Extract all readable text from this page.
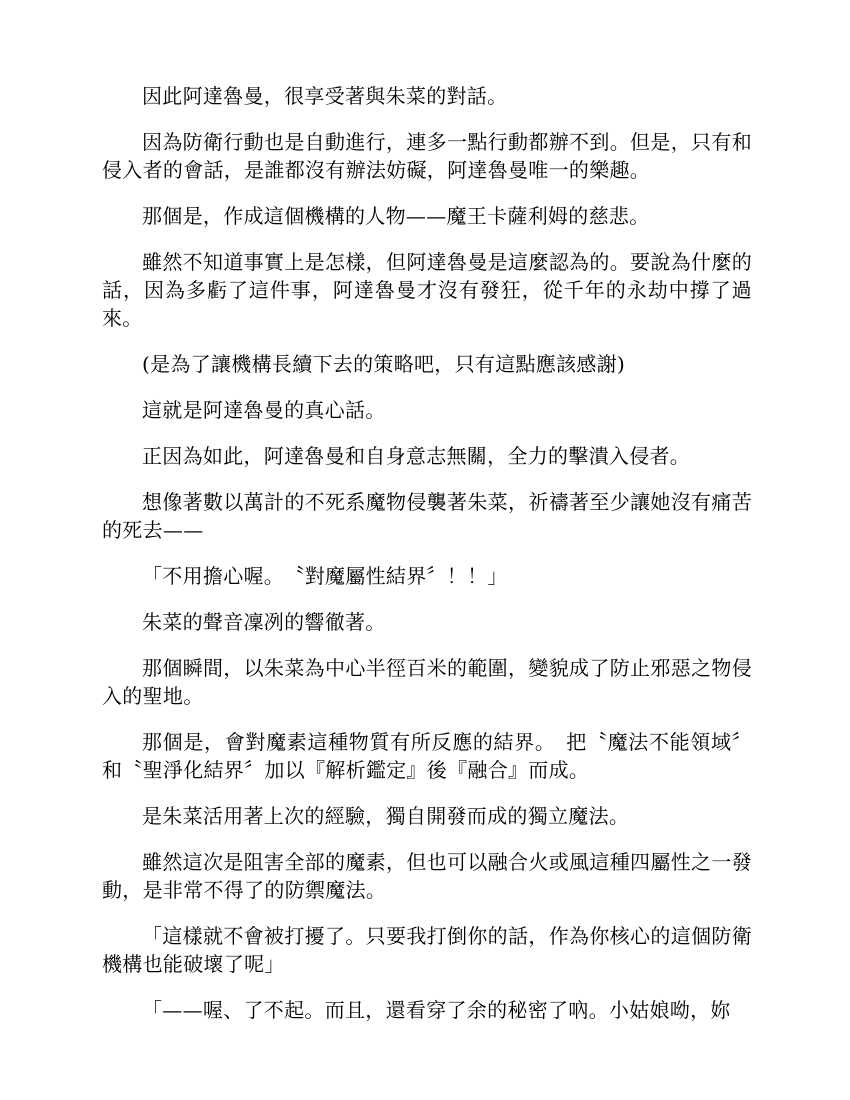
因此阿達魯曼，很享受著與朱菜的對話。

因為防衛行動也是自動進行，連多一點行動都辦不到。但是，只有和侵入者的會話，是誰都沒有辦法妨礙，阿達魯曼唯一的樂趣。

那個是，作成這個機構的人物——魔王卡薩利姆的慈悲。

雖然不知道事實上是怎樣，但阿達魯曼是這麼認為的。要說為什麼的話，因為多虧了這件事，阿達魯曼才沒有發狂，從千年的永劫中撐了過來。

(是為了讓機構長續下去的策略吧，只有這點應該感謝)

這就是阿達魯曼的真心話。

正因為如此，阿達魯曼和自身意志無關，全力的擊潰入侵者。

想像著數以萬計的不死系魔物侵襲著朱菜，祈禱著至少讓她沒有痛苦的死去——

「不用擔心喔。　〝對魔屬性結界〞！！」

朱菜的聲音凜冽的響徹著。

那個瞬間，以朱菜為中心半徑百米的範圍，變貌成了防止邪惡之物侵入的聖地。

那個是，會對魔素這種物質有所反應的結界。　把〝魔法不能領域〞和〝聖淨化結界〞加以『解析鑑定』後『融合』而成。

是朱菜活用著上次的經驗，獨自開發而成的獨立魔法。

雖然這次是阻害全部的魔素，但也可以融合火或風這種四屬性之一發動，是非常不得了的防禦魔法。

「這樣就不會被打擾了。只要我打倒你的話，作為你核心的這個防衛機構也能破壞了呢」

「——喔、了不起。而且，還看穿了余的秘密了吶。小姑娘呦，妳
